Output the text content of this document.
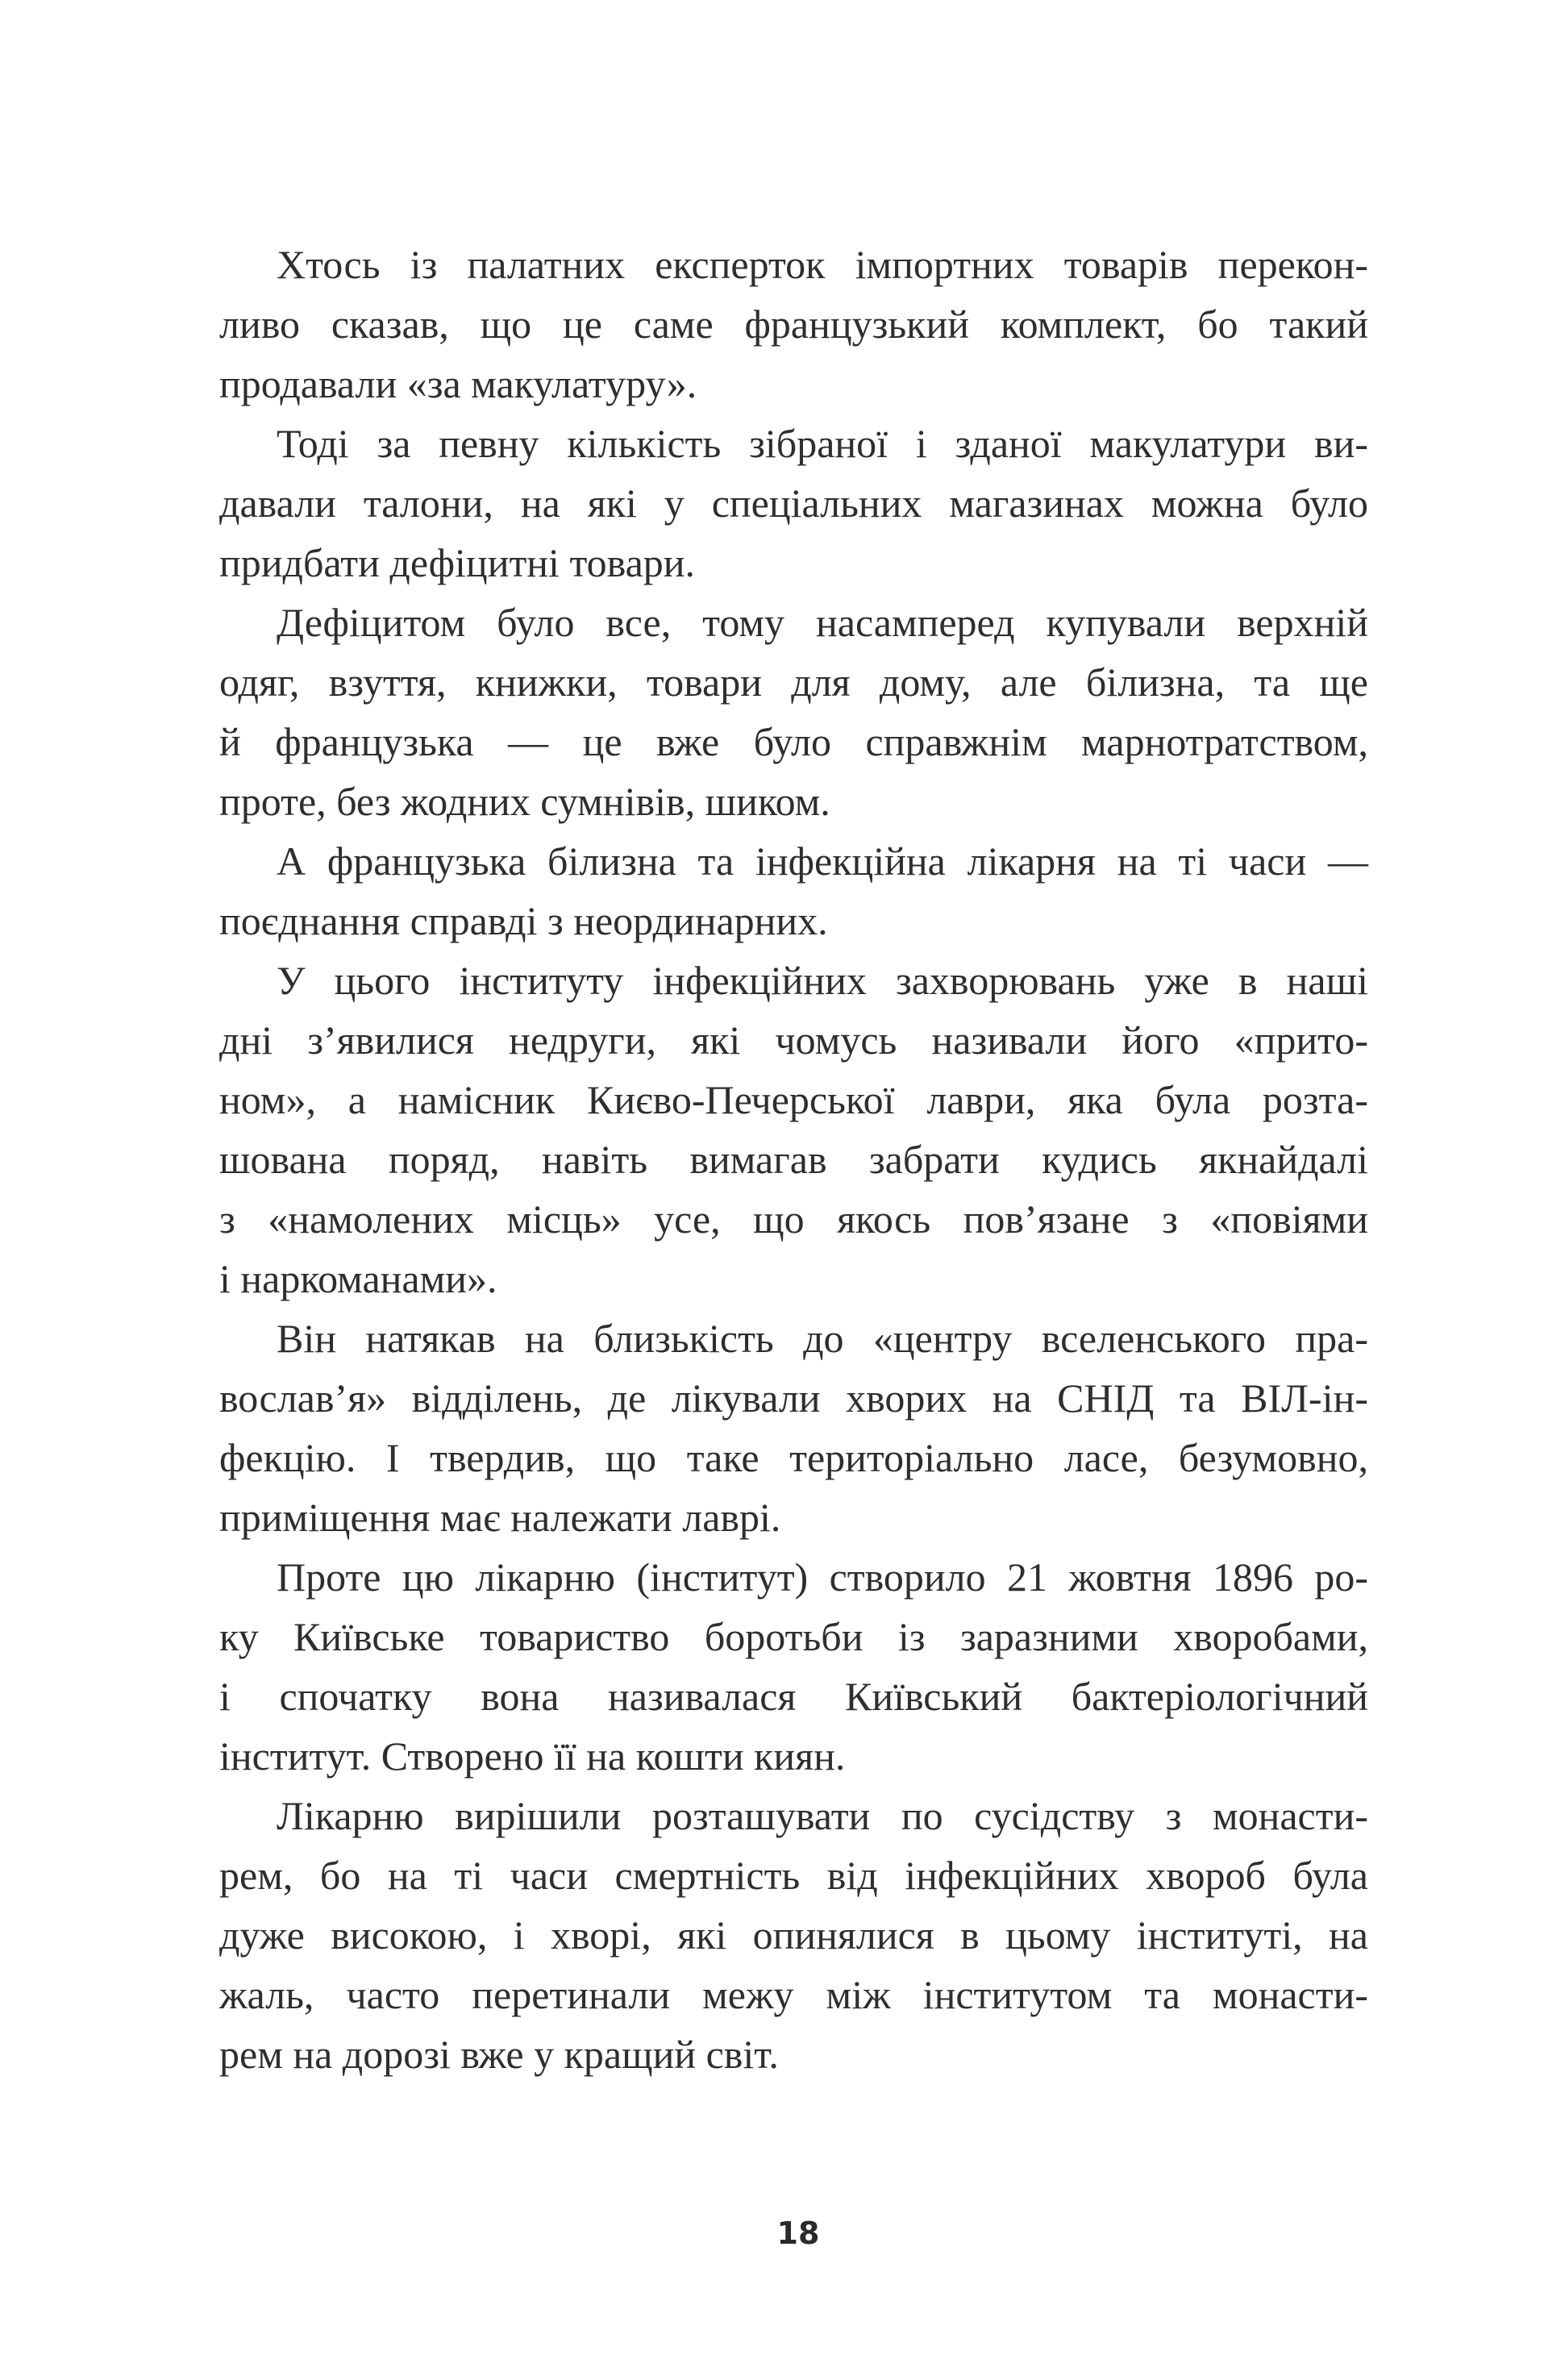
Хтось із палатних експерток імпортних товарів перекон-
ливо сказав, що це саме французький комплект, бо такий
продавали «за макулатуру».
Тоді за певну кількість зібраної і зданої макулатури ви-
давали талони, на які у спеціальних магазинах можна було
придбати дефіцитні товари.
Дефіцитом було все, тому насамперед купували верхній
одяг, взуття, книжки, товари для дому, але білизна, та ще
й французька — це вже було справжнім марнотратством,
проте, без жодних сумнівів, шиком.
А французька білизна та інфекційна лікарня на ті часи —
поєднання справді з неординарних.
У цього інституту інфекційних захворювань уже в наші
дні з’явилися недруги, які чомусь називали його «прито-
ном», а намісник Києво-Печерської лаври, яка була розта-
шована поряд, навіть вимагав забрати кудись якнайдалі
з «намолених місць» усе, що якось пов’язане з «повіями
і наркоманами».
Він натякав на близькість до «центру вселенського пра-
вослав’я» відділень, де лікували хворих на СНІД та ВІЛ-ін-
фекцію. І твердив, що таке територіально ласе, безумовно,
приміщення має належати лаврі.
Проте цю лікарню (інститут) створило 21 жовтня 1896 ро-
ку Київське товариство боротьби із заразними хворобами,
і спочатку вона називалася Київський бактеріологічний
інститут. Створено її на кошти киян.
Лікарню вирішили розташувати по сусідству з монасти-
рем, бо на ті часи смертність від інфекційних хвороб була
дуже високою, і хворі, які опинялися в цьому інституті, на
жаль, часто перетинали межу між інститутом та монасти-
рем на дорозі вже у кращий світ.
18
